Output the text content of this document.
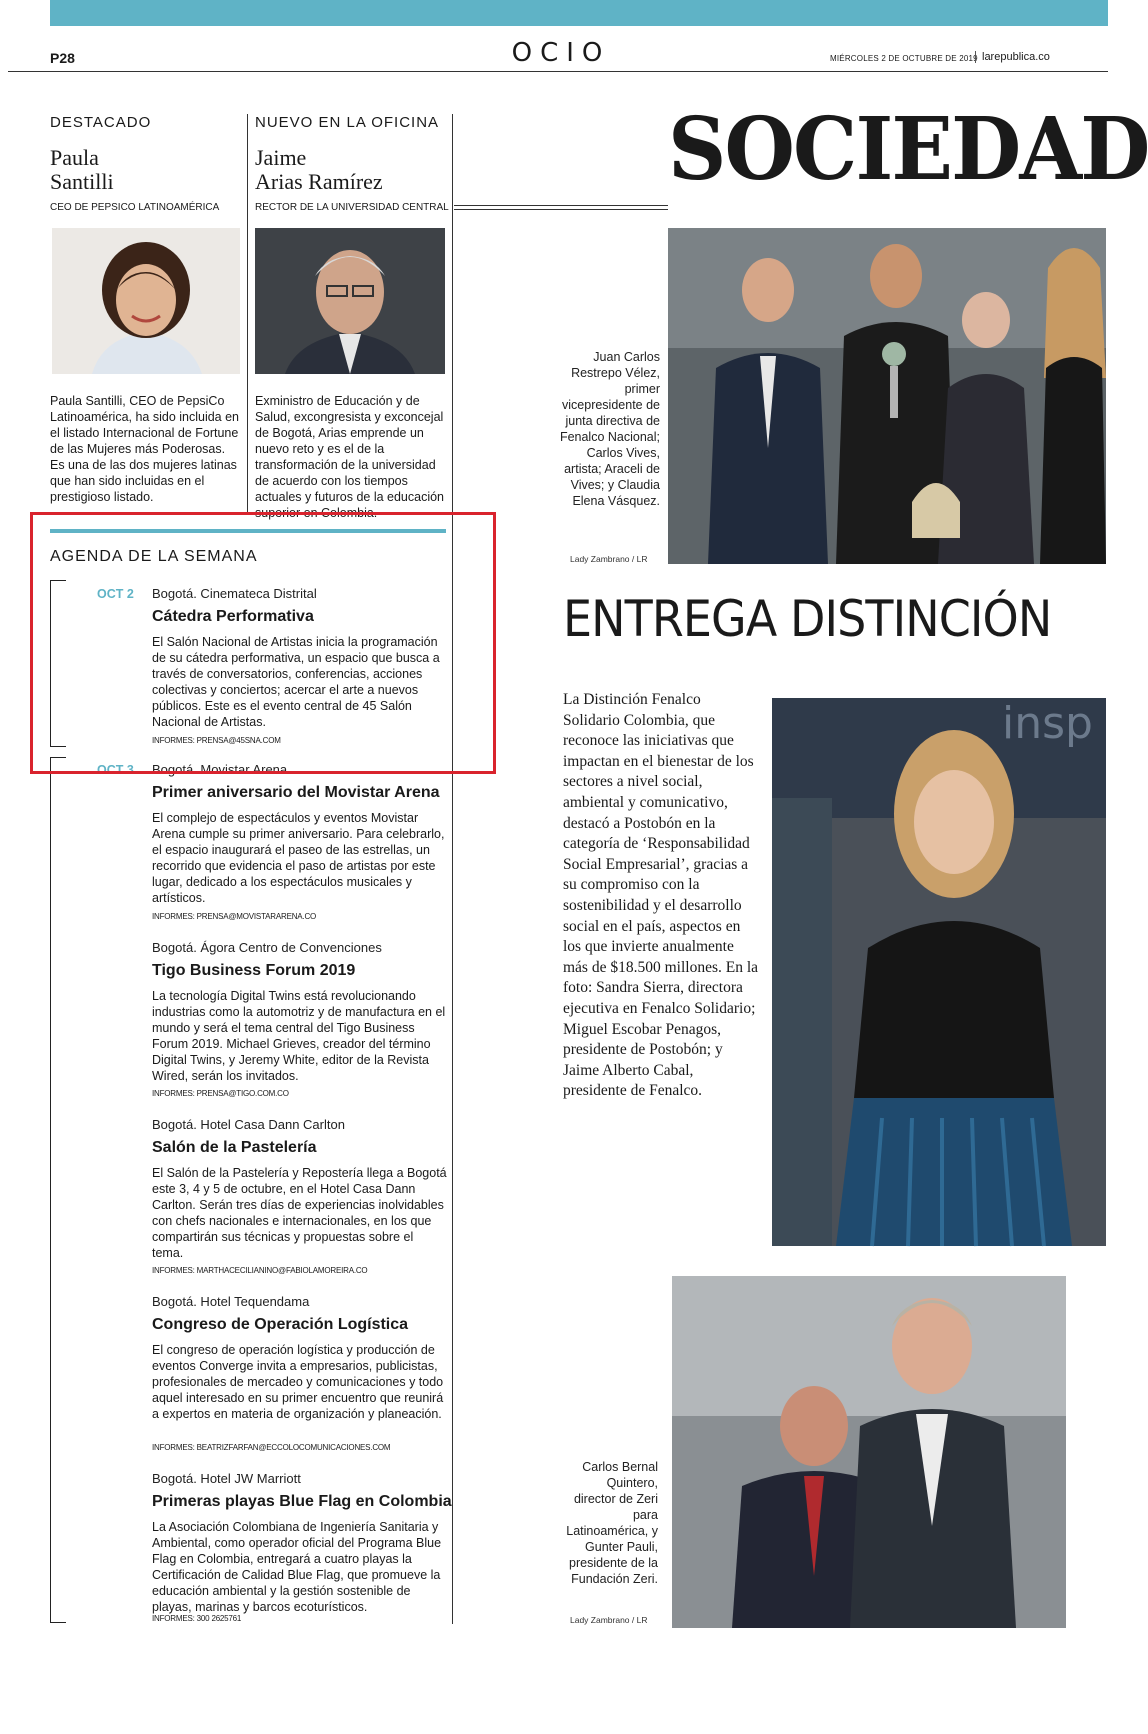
P28	OCIO	MIÉRCOLES 2 DE OCTUBRE DE 2019 larepublica.co
DESTACADO
Paula
Santilli
CEO DE PEPSICO LATINOAMÉRICA
Paula Santilli, CEO de PepsiCo Latinoamérica, ha sido incluida en el listado Internacional de Fortune de las Mujeres más Poderosas. Es una de las dos mujeres latinas que han sido incluidas en el prestigioso listado.
NUEVO EN LA OFICINA
Jaime
Arias Ramírez
RECTOR DE LA UNIVERSIDAD CENTRAL
Exministro de Educación y de Salud, excongresista y exconcejal de Bogotá, Arias emprende un nuevo reto y es el de la transformación de la universidad de acuerdo con los tiempos actuales y futuros de la educación superior en Colombia.
AGENDA DE LA SEMANA
OCT 2 Bogotá. Cinemateca Distrital
Cátedra Performativa
El Salón Nacional de Artistas inicia la programación de su cátedra performativa, un espacio que busca a través de conversatorios, conferencias, acciones colectivas y conciertos; acercar el arte a nuevos públicos. Este es el evento central de 45 Salón Nacional de Artistas.
INFORMES: PRENSA@45SNA.COM
OCT 3 Bogotá. Movistar Arena
Primer aniversario del Movistar Arena
El complejo de espectáculos y eventos Movistar Arena cumple su primer aniversario. Para celebrarlo, el espacio inaugurará el paseo de las estrellas, un recorrido que evidencia el paso de artistas por este lugar, dedicado a los espectáculos musicales y artísticos.
INFORMES: PRENSA@MOVISTARARENA.CO
Bogotá. Ágora Centro de Convenciones
Tigo Business Forum 2019
La tecnología Digital Twins está revolucionando industrias como la automotriz y de manufactura en el mundo y será el tema central del Tigo Business Forum 2019. Michael Grieves, creador del término Digital Twins, y Jeremy White, editor de la Revista Wired, serán los invitados.
INFORMES: PRENSA@TIGO.COM.CO
Bogotá. Hotel Casa Dann Carlton
Salón de la Pastelería
El Salón de la Pastelería y Repostería llega a Bogotá este 3, 4 y 5 de octubre, en el Hotel Casa Dann Carlton. Serán tres días de experiencias inolvidables con chefs nacionales e internacionales, en los que compartirán sus técnicas y propuestas sobre el tema.
INFORMES: MARTHACECILIANINO@FABIOLAMOREIRA.CO
Bogotá. Hotel Tequendama
Congreso de Operación Logística
El congreso de operación logística y producción de eventos Converge invita a empresarios, publicistas, profesionales de mercadeo y comunicaciones y todo aquel interesado en su primer encuentro que reunirá a expertos en materia de organización y planeación.
INFORMES: BEATRIZFARFAN@ECCOLOCOMUNICACIONES.COM
Bogotá. Hotel JW Marriott
Primeras playas Blue Flag en Colombia
La Asociación Colombiana de Ingeniería Sanitaria y Ambiental, como operador oficial del Programa Blue Flag en Colombia, entregará a cuatro playas la Certificación de Calidad Blue Flag, que promueve la educación ambiental y la gestión sostenible de playas, marinas y barcos ecoturísticos.
INFORMES: 300 2625761
SOCIEDAD
Juan Carlos Restrepo Vélez, primer vicepresidente de junta directiva de Fenalco Nacional; Carlos Vives, artista; Araceli de Vives; y Claudia Elena Vásquez.
Lady Zambrano / LR
ENTREGA DISTINCIÓN
La Distinción Fenalco Solidario Colombia, que reconoce las iniciativas que impactan en el bienestar de los sectores a nivel social, ambiental y comunicativo, destacó a Postobón en la categoría de ‘Responsabilidad Social Empresarial’, gracias a su compromiso con la sostenibilidad y el desarrollo social en el país, aspectos en los que invierte anualmente más de $18.500 millones. En la foto: Sandra Sierra, directora ejecutiva en Fenalco Solidario; Miguel Escobar Penagos, presidente de Postobón; y Jaime Alberto Cabal, presidente de Fenalco.
insp
Carlos Bernal Quintero, director de Zeri para Latinoamérica, y Gunter Pauli, presidente de la Fundación Zeri.
Lady Zambrano / LR
